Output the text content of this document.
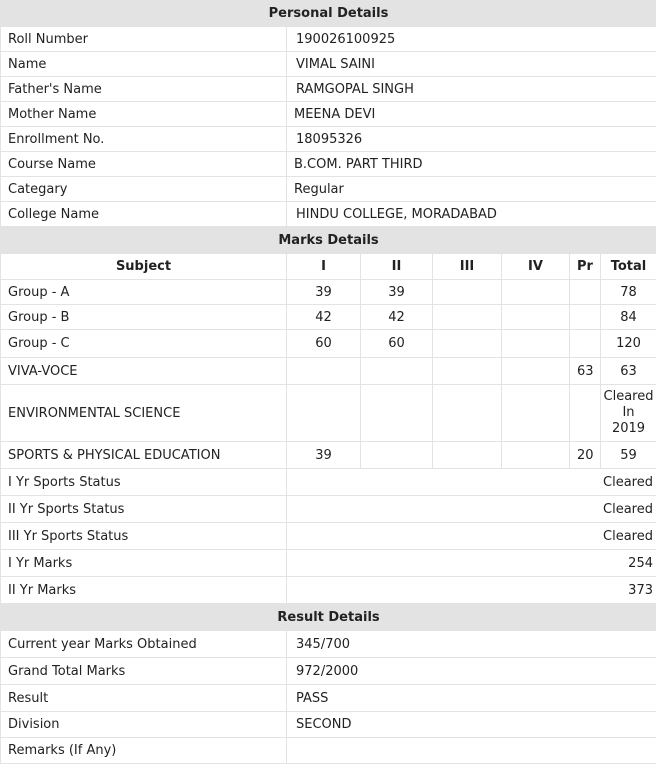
Personal Details	
Roll Number	190026100925
Name	VIMAL SAINI
Father's Name	RAMGOPAL SINGH
Mother Name	MEENA DEVI
Enrollment No.	18095326
Course Name	B.COM. PART THIRD
Categary	Regular
College Name	HINDU COLLEGE, MORADABAD
Marks Details						
Subject	I	II	III	IV	Pr	Total
Group - A	39	39				78
Group - B	42	42				84
Group - C	60	60				120
VIVA-VOCE					63	63
ENVIRONMENTAL SCIENCE						Cleared
In
2019
SPORTS & PHYSICAL EDUCATION	39				20	59
I Yr Sports Status	Cleared					
II Yr Sports Status	Cleared					
III Yr Sports Status	Cleared					
I Yr Marks	254					
II Yr Marks	373					
Result Details	
Current year Marks Obtained	345/700
Grand Total Marks	972/2000
Result	PASS
Division	SECOND
Remarks (If Any)	
